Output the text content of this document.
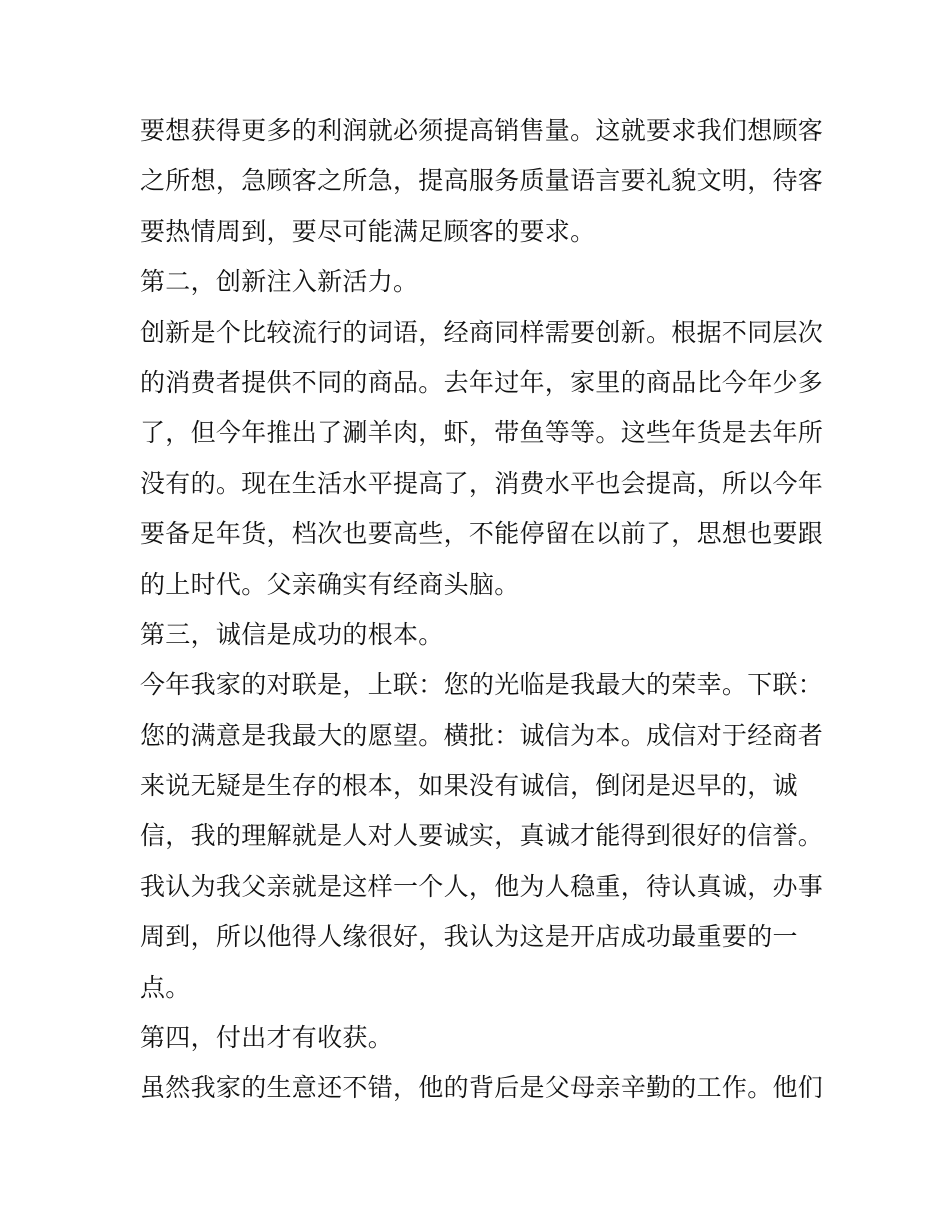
要想获得更多的利润就必须提高销售量。这就要求我们想顾客
之所想，急顾客之所急，提高服务质量语言要礼貌文明，待客
要热情周到，要尽可能满足顾客的要求。
第二，创新注入新活力。
创新是个比较流行的词语，经商同样需要创新。根据不同层次
的消费者提供不同的商品。去年过年，家里的商品比今年少多
了，但今年推出了涮羊肉，虾，带鱼等等。这些年货是去年所
没有的。现在生活水平提高了，消费水平也会提高，所以今年
要备足年货，档次也要高些，不能停留在以前了，思想也要跟
的上时代。父亲确实有经商头脑。
第三，诚信是成功的根本。
今年我家的对联是，上联：您的光临是我最大的荣幸。下联：
您的满意是我最大的愿望。横批：诚信为本。成信对于经商者
来说无疑是生存的根本，如果没有诚信，倒闭是迟早的，诚
信，我的理解就是人对人要诚实，真诚才能得到很好的信誉。
我认为我父亲就是这样一个人，他为人稳重，待认真诚，办事
周到，所以他得人缘很好，我认为这是开店成功最重要的一
点。
第四，付出才有收获。
虽然我家的生意还不错，他的背后是父母亲辛勤的工作。他们
